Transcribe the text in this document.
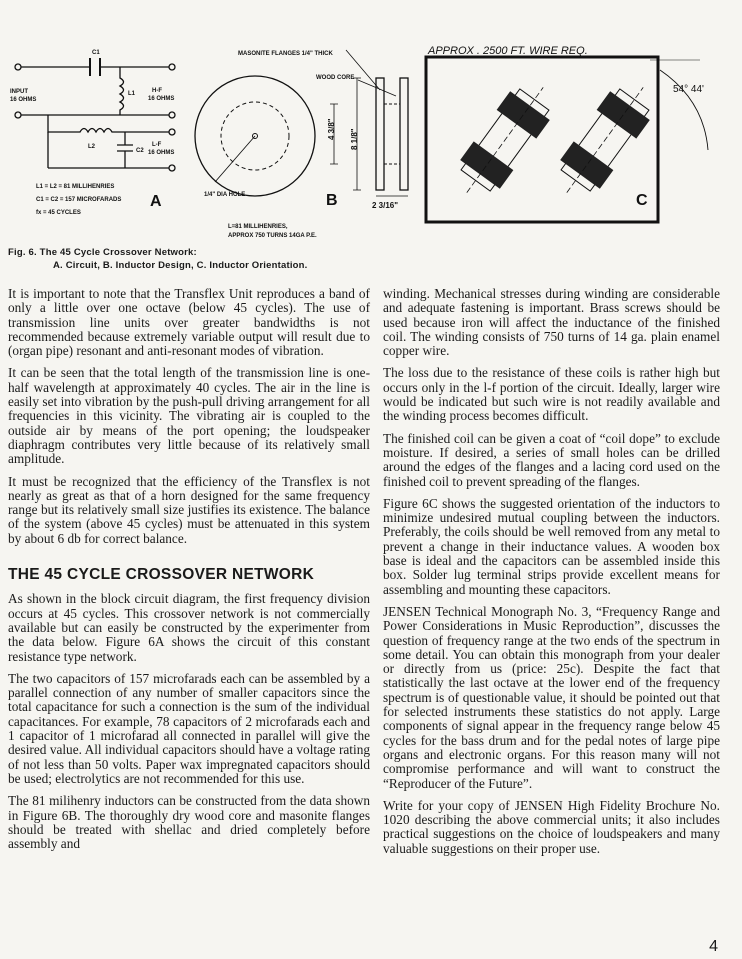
C1
L1
L2
C2
INPUT
16 OHMS
H-F
16 OHMS
L-F
16 OHMS
L1 = L2 = 81 MILLIHENRIES
C1 = C2 = 157 MICROFARADS
fx = 45 CYCLES
A
MASONITE FLANGES 1/4" THICK
WOOD CORE
4 3/8" 8 1/8"
1/4" DIA HOLE
2 3/16"
L=81 MILLIHENRIES,
APPROX 750 TURNS 14GA P.E.
B
APPROX . 2500 FT. WIRE REQ.
54° 44'
C
Fig. 6. The 45 Cycle Crossover Network:
A. Circuit, B. Inductor Design, C. Inductor Orientation.

It is important to note that the Transflex Unit reproduces a band of only a little over one octave (below 45 cycles). The use of transmission line units over greater bandwidths is not recommended because extremely variable output will result due to (organ pipe) resonant and anti-resonant modes of vibration.

It can be seen that the total length of the transmission line is one-half wavelength at approximately 40 cycles. The air in the line is easily set into vibration by the push-pull driving arrangement for all frequencies in this vicinity. The vibrating air is coupled to the outside air by means of the port opening; the loudspeaker diaphragm contributes very little because of its relatively small amplitude.

It must be recognized that the efficiency of the Transflex is not nearly as great as that of a horn designed for the same frequency range but its relatively small size justifies its existence. The balance of the system (above 45 cycles) must be attenuated in this system by about 6 db for correct balance.

THE 45 CYCLE CROSSOVER NETWORK

As shown in the block circuit diagram, the first frequency division occurs at 45 cycles. This crossover network is not commercially available but can easily be constructed by the experimenter from the data below. Figure 6A shows the circuit of this constant resistance type network.

The two capacitors of 157 microfarads each can be assembled by a parallel connection of any number of smaller capacitors since the total capacitance for such a connection is the sum of the individual capacitances. For example, 78 capacitors of 2 microfarads each and 1 capacitor of 1 microfarad all connected in parallel will give the desired value. All individual capacitors should have a voltage rating of not less than 50 volts. Paper wax impregnated capacitors should be used; electrolytics are not recommended for this use.

The 81 milihenry inductors can be constructed from the data shown in Figure 6B. The thoroughly dry wood core and masonite flanges should be treated with shellac and dried completely before assembly and

winding. Mechanical stresses during winding are considerable and adequate fastening is important. Brass screws should be used because iron will affect the inductance of the finished coil. The winding consists of 750 turns of 14 ga. plain enamel copper wire.

The loss due to the resistance of these coils is rather high but occurs only in the l-f portion of the circuit. Ideally, larger wire would be indicated but such wire is not readily available and the winding process becomes difficult.

The finished coil can be given a coat of “coil dope” to exclude moisture. If desired, a series of small holes can be drilled around the edges of the flanges and a lacing cord used on the finished coil to prevent spreading of the flanges.

Figure 6C shows the suggested orientation of the inductors to minimize undesired mutual coupling between the inductors. Preferably, the coils should be well removed from any metal to prevent a change in their inductance values. A wooden box base is ideal and the capacitors can be assembled inside this box. Solder lug terminal strips provide excellent means for assembling and mounting these capacitors.

JENSEN Technical Monograph No. 3, “Frequency Range and Power Considerations in Music Reproduction”, discusses the question of frequency range at the two ends of the spectrum in some detail. You can obtain this monograph from your dealer or directly from us (price: 25c). Despite the fact that statistically the last octave at the lower end of the frequency spectrum is of questionable value, it should be pointed out that for selected instruments these statistics do not apply. Large components of signal appear in the frequency range below 45 cycles for the bass drum and for the pedal notes of large pipe organs and electronic organs. For this reason many will not compromise performance and will want to construct the “Reproducer of the Future”.

Write for your copy of JENSEN High Fidelity Brochure No. 1020 describing the above commercial units; it also includes practical suggestions on the choice of loudspeakers and many valuable suggestions on their proper use.

4
